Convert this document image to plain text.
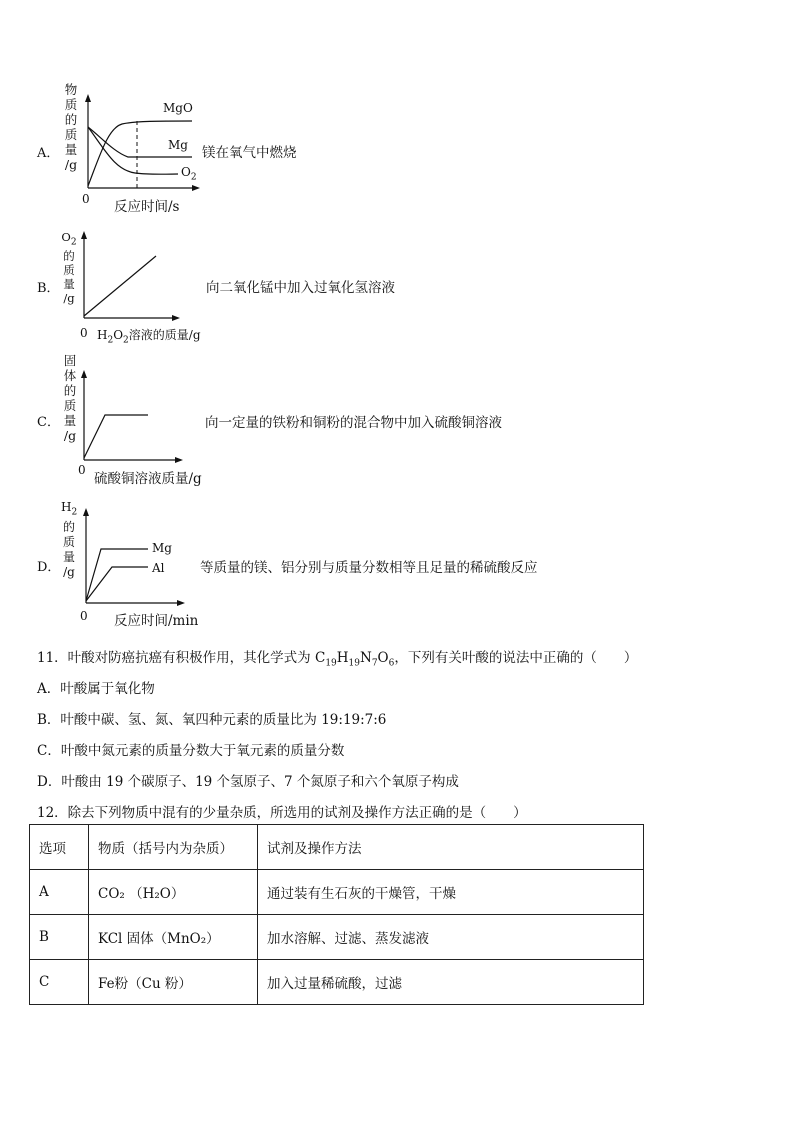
A．
物
质
的
质
量
/g
MgO
Mg
$O_2$
镁在氧气中燃烧
0 反应时间/s
B．
$O_2$
的
质
量
/g
向二氧化锰中加入过氧化氢溶液
0 $H_2O_2$溶液的质量/g
C．
固
体
的
质
量
/g
向一定量的铁粉和铜粉的混合物中加入硫酸铜溶液
0
硫酸铜溶液质量/g
D．
$H_2$
的
质
量
/g
Mg
Al	等质量的镁、铝分别与质量分数相等且足量的稀硫酸反应
0 反应时间/min
11．叶酸对防癌抗癌有积极作用，其化学式为 $C_{19}H_{19}N_7O_6$，下列有关叶酸的说法中正确的（　　）
A．叶酸属于氧化物
B．叶酸中碳、氢、氮、氧四种元素的质量比为 19:19:7:6
C．叶酸中氮元素的质量分数大于氧元素的质量分数
D．叶酸由 19 个碳原子、19 个氢原子、7 个氮原子和六个氧原子构成
12．除去下列物质中混有的少量杂质，所选用的试剂及操作方法正确的是（　　）
选项	物质（括号内为杂质）	试剂及操作方法
A	CO₂ （H₂O）	通过装有生石灰的干燥管，干燥
B	KCl 固体（MnO₂）	加水溶解、过滤、蒸发滤液
C	Fe粉（Cu 粉）	加入过量稀硫酸，过滤
